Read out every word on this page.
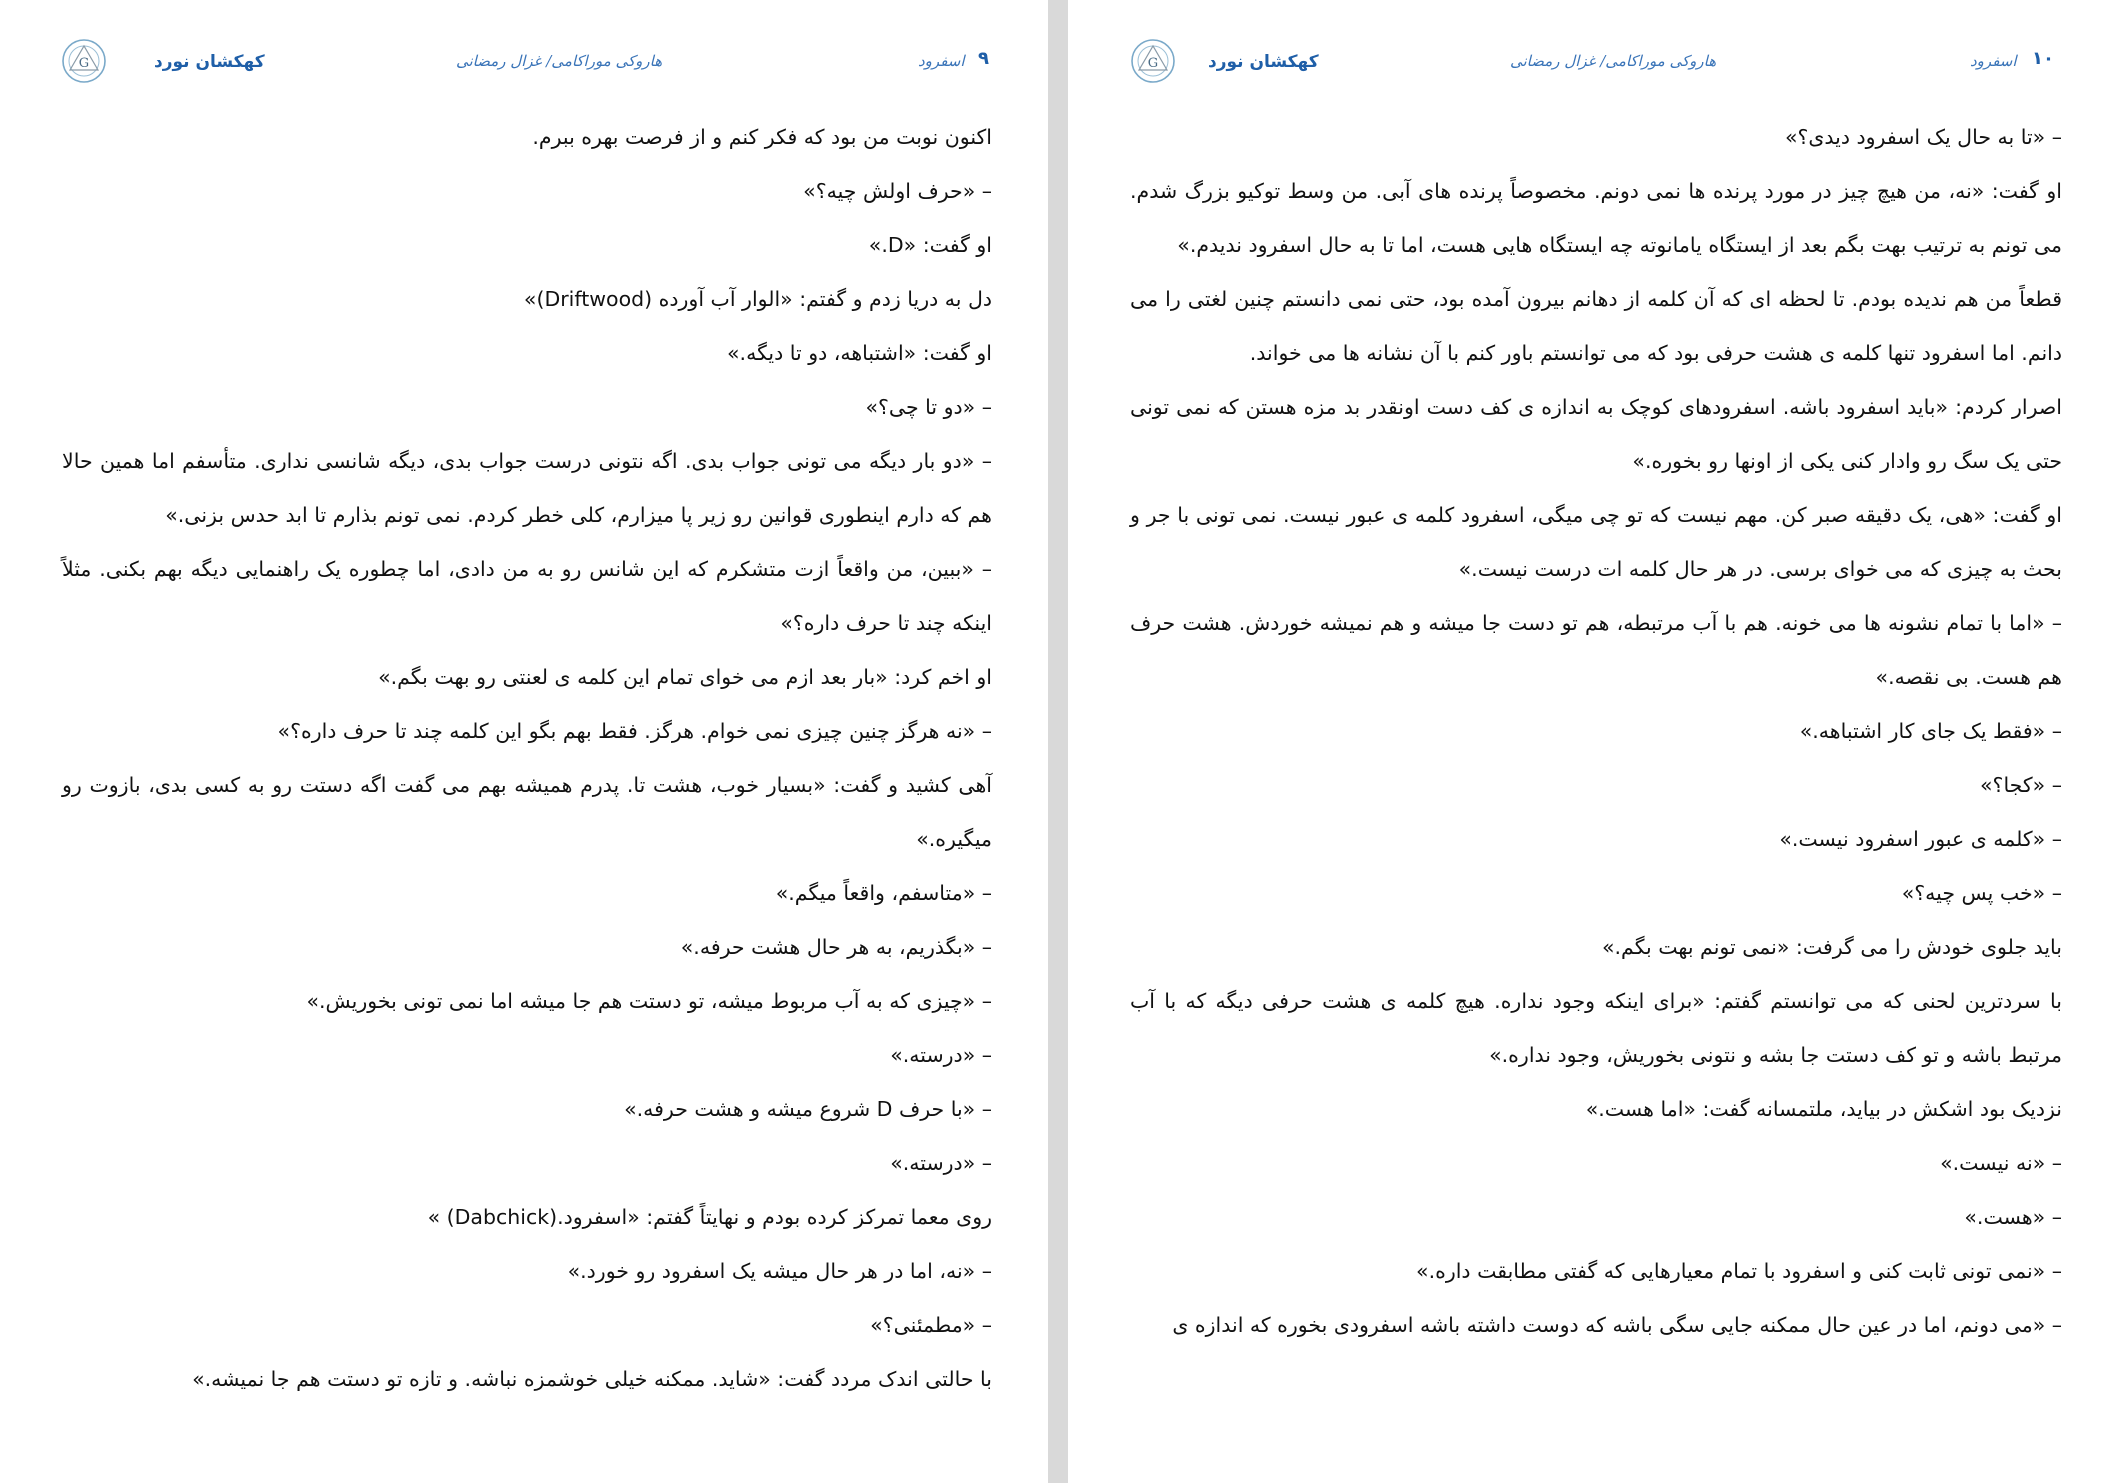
G	کهکشان نورد	هاروکی موراکامی/ غزال رمضانی	اسفرود ۹

اکنون نوبت من بود که فکر کنم و از فرصت بهره ببرم.

– «حرف اولش چیه؟»

او گفت: «D.»

دل به دریا زدم و گفتم: «الوار آب آورده (Driftwood)»

او گفت: «اشتباهه، دو تا دیگه.»

– «دو تا چی؟»

– «دو بار دیگه می تونی جواب بدی. اگه نتونی درست جواب بدی، دیگه شانسی نداری. متأسفم اما همین حالا هم که دارم اینطوری قوانین رو زیر پا میزارم، کلی خطر کردم. نمی تونم بذارم تا ابد حدس بزنی.»

– «ببین، من واقعاً ازت متشکرم که این شانس رو به من دادی، اما چطوره یک راهنمایی دیگه بهم بکنی. مثلاً اینکه چند تا حرف داره؟»

او اخم کرد: «بار بعد ازم می خوای تمام این کلمه ی لعنتی رو بهت بگم.»

– «نه هرگز چنین چیزی نمی خوام. هرگز. فقط بهم بگو این کلمه چند تا حرف داره؟»

آهی کشید و گفت: «بسیار خوب، هشت تا. پدرم همیشه بهم می گفت اگه دستت رو به کسی بدی، بازوت رو میگیره.»

– «متاسفم، واقعاً میگم.»

– «بگذریم، به هر حال هشت حرفه.»

– «چیزی که به آب مربوط میشه، تو دستت هم جا میشه اما نمی تونی بخوریش.»

– «درسته.»

– «با حرف D شروع میشه و هشت حرفه.»

– «درسته.»

روی معما تمرکز کرده بودم و نهایتاً گفتم: «اسفرود.(Dabchick) »

– «نه، اما در هر حال میشه یک اسفرود رو خورد.»

– «مطمئنی؟»

با حالتی اندک مردد گفت: «شاید. ممکنه خیلی خوشمزه نباشه. و تازه تو دستت هم جا نمیشه.»

G	کهکشان نورد	هاروکی موراکامی/ غزال رمضانی	اسفرود ۱۰

– «تا به حال یک اسفرود دیدی؟»

او گفت: «نه، من هیچ چیز در مورد پرنده ها نمی دونم. مخصوصاً پرنده های آبی. من وسط توکیو بزرگ شدم. می تونم به ترتیب بهت بگم بعد از ایستگاه یامانوته چه ایستگاه هایی هست، اما تا به حال اسفرود ندیدم.»

قطعاً من هم ندیده بودم. تا لحظه ای که آن کلمه از دهانم بیرون آمده بود، حتی نمی دانستم چنین لغتی را می دانم. اما اسفرود تنها کلمه ی هشت حرفی بود که می توانستم باور کنم با آن نشانه ها می خواند.

اصرار کردم: «باید اسفرود باشه. اسفرودهای کوچک به اندازه ی کف دست اونقدر بد مزه هستن که نمی تونی حتی یک سگ رو وادار کنی یکی از اونها رو بخوره.»

او گفت: «هی، یک دقیقه صبر کن. مهم نیست که تو چی میگی، اسفرود کلمه ی عبور نیست. نمی تونی با جر و بحث به چیزی که می خوای برسی. در هر حال کلمه ات درست نیست.»

– «اما با تمام نشونه ها می خونه. هم با آب مرتبطه، هم تو دست جا میشه و هم نمیشه خوردش. هشت حرف هم هست. بی نقصه.»

– «فقط یک جای کار اشتباهه.»

– «کجا؟»

– «کلمه ی عبور اسفرود نیست.»

– «خب پس چیه؟»

باید جلوی خودش را می گرفت: «نمی تونم بهت بگم.»

با سردترین لحنی که می توانستم گفتم: «برای اینکه وجود نداره. هیچ کلمه ی هشت حرفی دیگه که با آب مرتبط باشه و تو کف دستت جا بشه و نتونی بخوریش، وجود نداره.»

نزدیک بود اشکش در بیاید، ملتمسانه گفت: «اما هست.»

– «نه نیست.»

– «هست.»

– «نمی تونی ثابت کنی و اسفرود با تمام معیارهایی که گفتی مطابقت داره.»

– «می دونم، اما در عین حال ممکنه جایی سگی باشه که دوست داشته باشه اسفرودی بخوره که اندازه ی
